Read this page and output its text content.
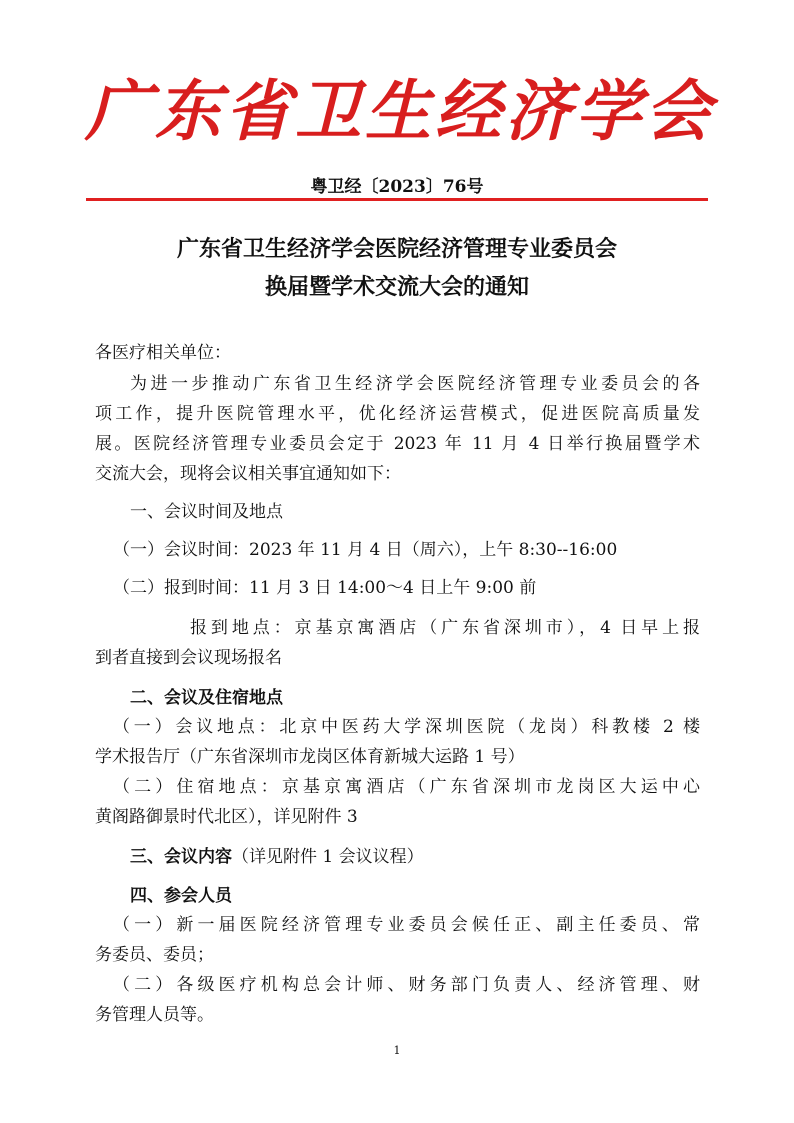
广东省卫生经济学会
粤卫经〔2023〕76号
广东省卫生经济学会医院经济管理专业委员会
换届暨学术交流大会的通知
各医疗相关单位：
为进一步推动广东省卫生经济学会医院经济管理专业委员会的各
项工作，提升医院管理水平，优化经济运营模式，促进医院高质量发
展。医院经济管理专业委员会定于 2023 年 11 月 4 日举行换届暨学术
交流大会，现将会议相关事宜通知如下：
一、会议时间及地点
（一）会议时间：2023 年 11 月 4 日（周六），上午 8:30--16:00
（二）报到时间：11 月 3 日 14:00～4 日上午 9:00 前
报到地点：京基京寓酒店（广东省深圳市），4 日早上报
到者直接到会议现场报名
二、会议及住宿地点
（一）会议地点：北京中医药大学深圳医院（龙岗）科教楼 2 楼
学术报告厅（广东省深圳市龙岗区体育新城大运路 1 号）
（二）住宿地点：京基京寓酒店（广东省深圳市龙岗区大运中心
黄阁路御景时代北区），详见附件 3
三、会议内容（详见附件 1 会议议程）
四、参会人员
（一）新一届医院经济管理专业委员会候任正、副主任委员、常
务委员、委员；
（二）各级医疗机构总会计师、财务部门负责人、经济管理、财
务管理人员等。
1
